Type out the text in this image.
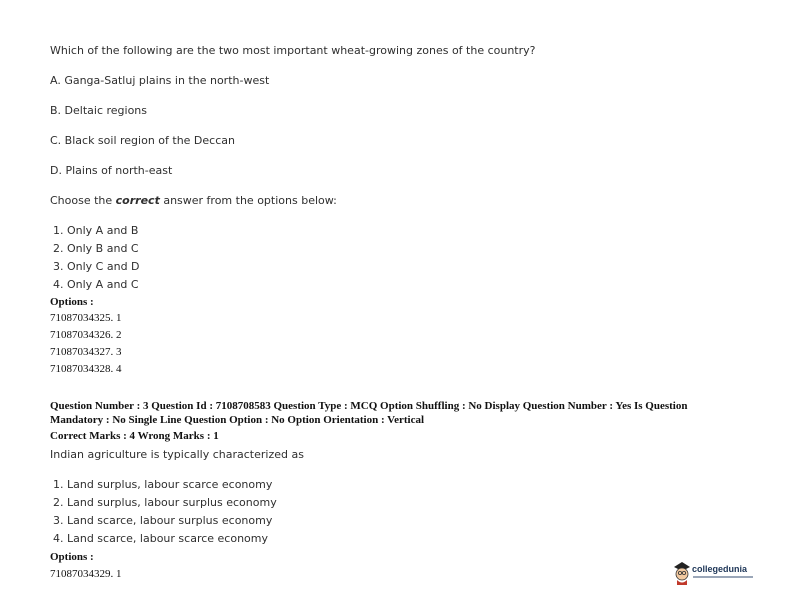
Which of the following are the two most important wheat-growing zones of the country?
A. Ganga-Satluj plains in the north-west
B. Deltaic regions
C. Black soil region of the Deccan
D. Plains of north-east
Choose the correct answer from the options below:
1. Only A and B
2. Only B and C
3. Only C and D
4. Only A and C
Options :
71087034325. 1
71087034326. 2
71087034327. 3
71087034328. 4
Question Number : 3 Question Id : 7108708583 Question Type : MCQ Option Shuffling : No Display Question Number : Yes Is Question
Mandatory : No Single Line Question Option : No Option Orientation : Vertical
Correct Marks : 4 Wrong Marks : 1
Indian agriculture is typically characterized as
1. Land surplus, labour scarce economy
2. Land surplus, labour surplus economy
3. Land scarce, labour surplus economy
4. Land scarce, labour scarce economy
Options :
71087034329. 1	collegedunia
